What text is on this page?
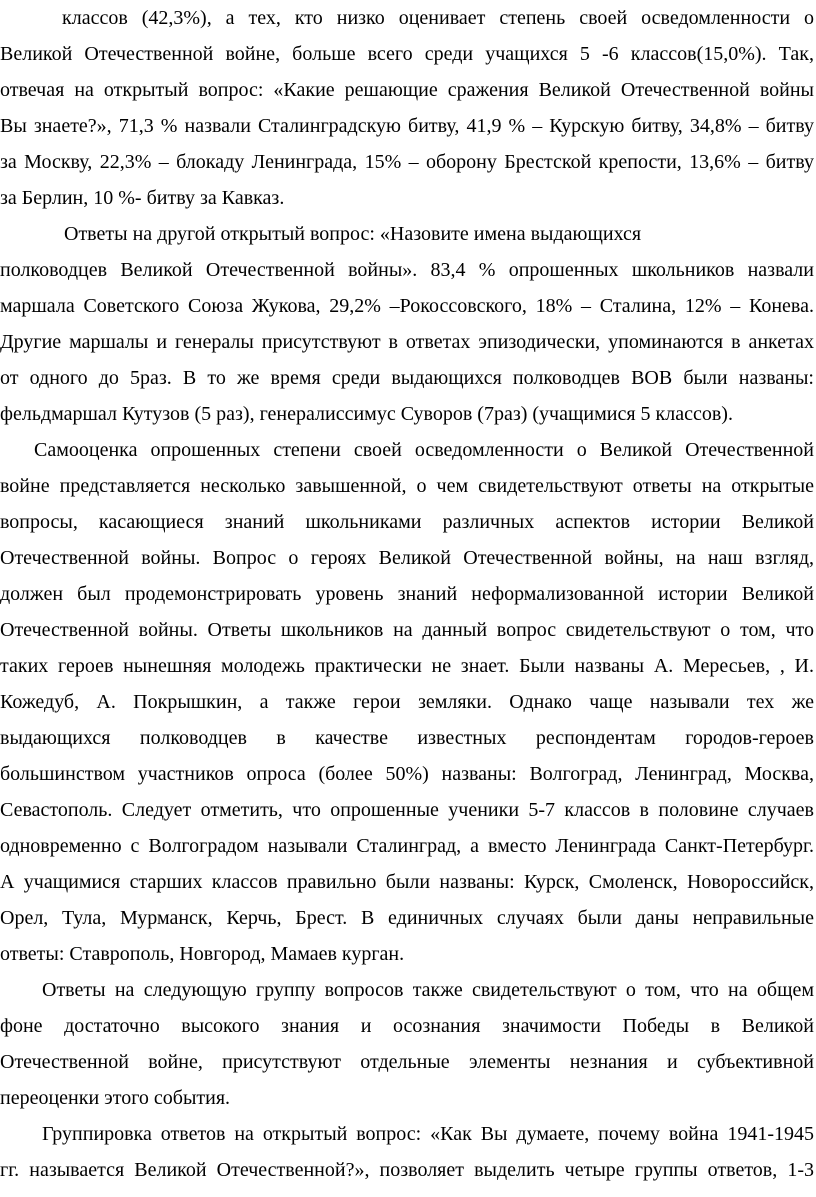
классов (42,3%), а тех, кто низко оценивает степень своей осведомленности о
Великой Отечественной войне, больше всего среди учащихся 5 -6 классов(15,0%). Так,
отвечая на открытый вопрос: «Какие решающие сражения Великой Отечественной войны
Вы знаете?», 71,3 % назвали Сталинградскую битву, 41,9 % – Курскую битву, 34,8% – битву
за Москву, 22,3% – блокаду Ленинграда, 15% – оборону Брестской крепости, 13,6% – битву
за Берлин, 10 %- битву за Кавказ.
Ответы на другой открытый вопрос: «Назовите имена выдающихся
полководцев Великой Отечественной войны». 83,4 % опрошенных школьников назвали
маршала Советского Союза Жукова, 29,2% –Рокоссовского, 18% – Сталина, 12% – Конева.
Другие маршалы и генералы присутствуют в ответах эпизодически, упоминаются в анкетах
от одного до 5раз. В то же время среди выдающихся полководцев ВОВ были названы:
фельдмаршал Кутузов (5 раз), генералиссимус Суворов (7раз) (учащимися 5 классов).
Самооценка опрошенных степени своей осведомленности о Великой Отечественной
войне представляется несколько завышенной, о чем свидетельствуют ответы на открытые
вопросы, касающиеся знаний школьниками различных аспектов истории Великой
Отечественной войны. Вопрос о героях Великой Отечественной войны, на наш взгляд,
должен был продемонстрировать уровень знаний неформализованной истории Великой
Отечественной войны. Ответы школьников на данный вопрос свидетельствуют о том, что
таких героев нынешняя молодежь практически не знает. Были названы А. Мересьев, , И.
Кожедуб, А. Покрышкин, а также герои земляки. Однако чаще называли тех же
выдающихся полководцев в качестве известных респондентам городов-героев
большинством участников опроса (более 50%) названы: Волгоград, Ленинград, Москва,
Севастополь. Следует отметить, что опрошенные ученики 5-7 классов в половине случаев
одновременно с Волгоградом называли Сталинград, а вместо Ленинграда Санкт-Петербург.
А учащимися старших классов правильно были названы: Курск, Смоленск, Новороссийск,
Орел, Тула, Мурманск, Керчь, Брест. В единичных случаях были даны неправильные
ответы: Ставрополь, Новгород, Мамаев курган.
Ответы на следующую группу вопросов также свидетельствуют о том, что на общем
фоне достаточно высокого знания и осознания значимости Победы в Великой
Отечественной войне, присутствуют отдельные элементы незнания и субъективной
переоценки этого события.
Группировка ответов на открытый вопрос: «Как Вы думаете, почему война 1941-1945
гг. называется Великой Отечественной?», позволяет выделить четыре группы ответов, 1-3
